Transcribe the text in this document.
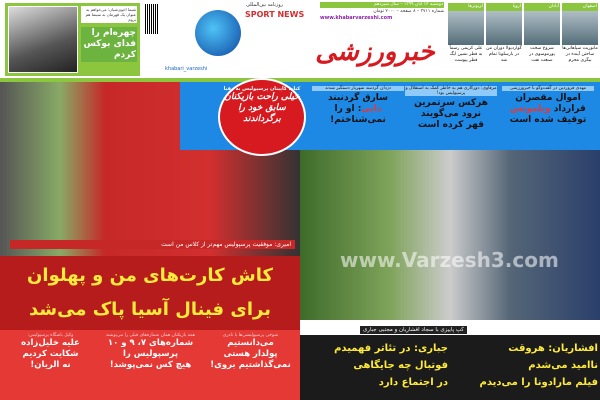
شیما اخوی‌شبان: می‌خواهم به عنوان یک قهرمان به سینما هم بروم
چهره‌ام را فدای بوکس کردم
روزنامه بین‌المللی
SPORT NEWS
khabari_varzeshi
اصفهان
مانوریت سپاهانی‌ها ساختن آینده در بیگری محرم
آبادان
شروع سخت پورموسوی در صنعت نفت
اروپا
گواردیولا دوران من در بارسلونا تمام شد
لژیونرها
علی کریمی رسماً به قطر نشین ایگ قطر پیوست
دوشنبه ۱۲ آبان ۱۳۹۹ – سال سیزدهم
شماره ۳۷۱۱ – ۸ صفحه – ۲۰۰۰ تومان
www.khabarvarzeshi.com
خبرورزشی
مهدی فروردین در گفت‌وگو با خبرورزشی
اموال مقصران
قرارداد ویلموتس
توقیف شده است
مرفاوی: دورکاری هم به خاطر کمک به استقلال و پرسپولیس بود!
هرکس سرتمرین
نرود می‌گویند
قهر کرده است
دزدان گردنبند شهریار دستگیر شدند
سارق گردنبند
دایی: او را
نمی‌شناختم!
کنایه کاپیتان پرسپولیس به رقبا
خیلی راحت بازیکنان سابق خود را برگرداندند
www.Varzesh3.com
امیری: موفقیت پرسپولیس مهم‌تر از کلاس من است
کاش کارت‌های من و پهلوان
برای فینال آسیا پاک می‌شد
شوخی پرسپولیسی‌ها با نادری
می‌دانستیم
پولدار هستی
نمی‌گذاشتیم بروی!
همه بازیکنان همان شماره‌های قبلی را می‌پوشند
شماره‌های ۷، ۹ و ۱۰
پرسپولیس را
هیچ کس نمی‌پوشد!
وکیل باشگاه پرسپولیس:
علیه خلیل‌زاده
شکایت کردیم
نه الریان!
کپ پاییزی با سجاد افشاریان و مجتبی جباری
افشاریان: هروقت
ناامید می‌شدم
فیلم مارادونا را می‌دیدم
جباری: در تئاتر فهمیدم
فوتبال چه جایگاهی
در اجتماع دارد
